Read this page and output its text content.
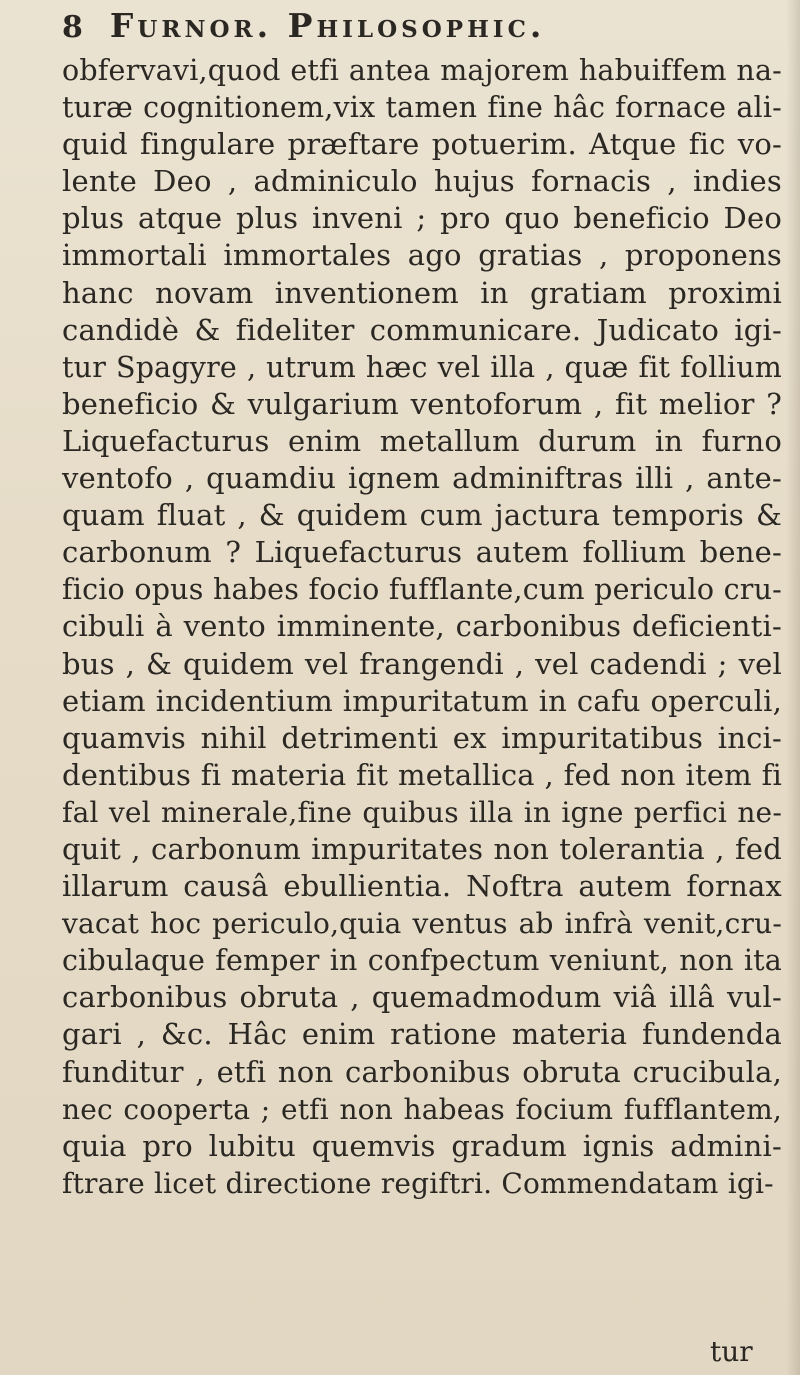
8 Furnor. Philosophic.
obfervavi,quod etfi antea majorem habuiffem na-
turæ cognitionem,vix tamen fine hâc fornace ali-
quid fingulare præftare potuerim. Atque fic vo-
lente Deo , adminiculo hujus fornacis , indies
plus atque plus inveni ; pro quo beneficio Deo
immortali immortales ago gratias , proponens
hanc novam inventionem in gratiam proximi
candidè & fideliter communicare. Judicato igi-
tur Spagyre , utrum hæc vel illa , quæ fit follium
beneficio & vulgarium ventoforum , fit melior ?
Liquefacturus enim metallum durum in furno
ventofo , quamdiu ignem adminiftras illi , ante-
quam fluat , & quidem cum jactura temporis &
carbonum ? Liquefacturus autem follium bene-
ficio opus habes focio fufflante,cum periculo cru-
cibuli à vento imminente, carbonibus deficienti-
bus , & quidem vel frangendi , vel cadendi ; vel
etiam incidentium impuritatum in cafu operculi,
quamvis nihil detrimenti ex impuritatibus inci-
dentibus fi materia fit metallica , fed non item fi
fal vel minerale,fine quibus illa in igne perfici ne-
quit , carbonum impuritates non tolerantia , fed
illarum causâ ebullientia. Noftra autem fornax
vacat hoc periculo,quia ventus ab infrà venit,cru-
cibulaque femper in confpectum veniunt, non ita
carbonibus obruta , quemadmodum viâ illâ vul-
gari , &c. Hâc enim ratione materia fundenda
funditur , etfi non carbonibus obruta crucibula,
nec cooperta ; etfi non habeas focium fufflantem,
quia pro lubitu quemvis gradum ignis admini-
ftrare licet directione regiftri. Commendatam igi-
tur
